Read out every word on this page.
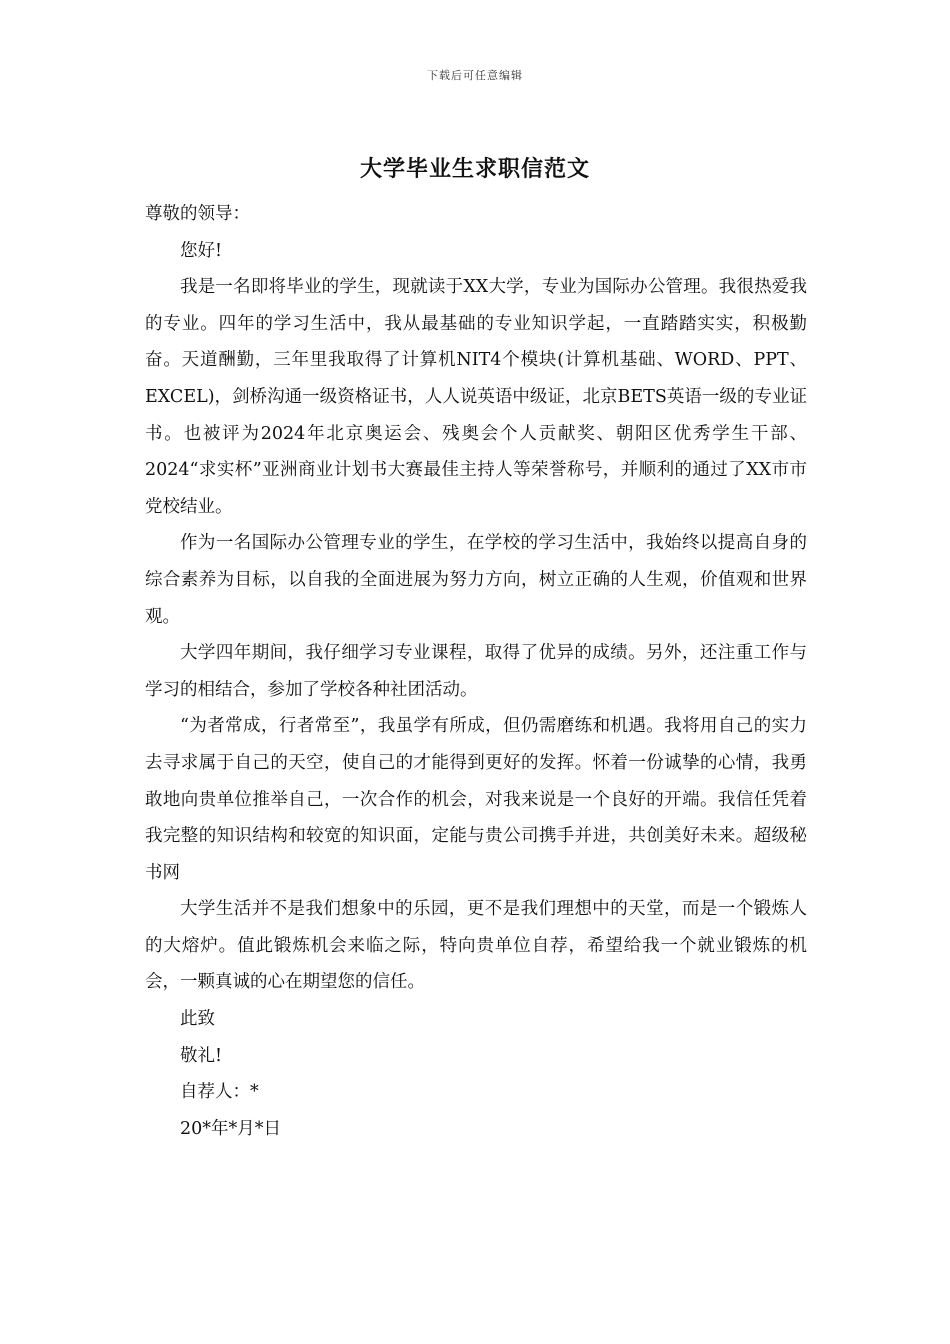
下载后可任意编辑
大学毕业生求职信范文

尊敬的领导：

您好!

我是一名即将毕业的学生，现就读于XX大学，专业为国际办公管理。我很热爱我的专业。四年的学习生活中，我从最基础的专业知识学起，一直踏踏实实，积极勤奋。天道酬勤，三年里我取得了计算机NIT4个模块(计算机基础、WORD、PPT、EXCEL)，剑桥沟通一级资格证书，人人说英语中级证，北京BETS英语一级的专业证书。也被评为2024年北京奥运会、残奥会个人贡献奖、朝阳区优秀学生干部、2024“求实杯”亚洲商业计划书大赛最佳主持人等荣誉称号，并顺利的通过了XX市市党校结业。

作为一名国际办公管理专业的学生，在学校的学习生活中，我始终以提高自身的综合素养为目标，以自我的全面进展为努力方向，树立正确的人生观，价值观和世界观。

大学四年期间，我仔细学习专业课程，取得了优异的成绩。另外，还注重工作与学习的相结合，参加了学校各种社团活动。

“为者常成，行者常至”，我虽学有所成，但仍需磨练和机遇。我将用自己的实力去寻求属于自己的天空，使自己的才能得到更好的发挥。怀着一份诚挚的心情，我勇敢地向贵单位推举自己，一次合作的机会，对我来说是一个良好的开端。我信任凭着我完整的知识结构和较宽的知识面，定能与贵公司携手并进，共创美好未来。超级秘书网

大学生活并不是我们想象中的乐园，更不是我们理想中的天堂，而是一个锻炼人的大熔炉。值此锻炼机会来临之际，特向贵单位自荐，希望给我一个就业锻炼的机会，一颗真诚的心在期望您的信任。

此致

敬礼!

自荐人：*

20*年*月*日
